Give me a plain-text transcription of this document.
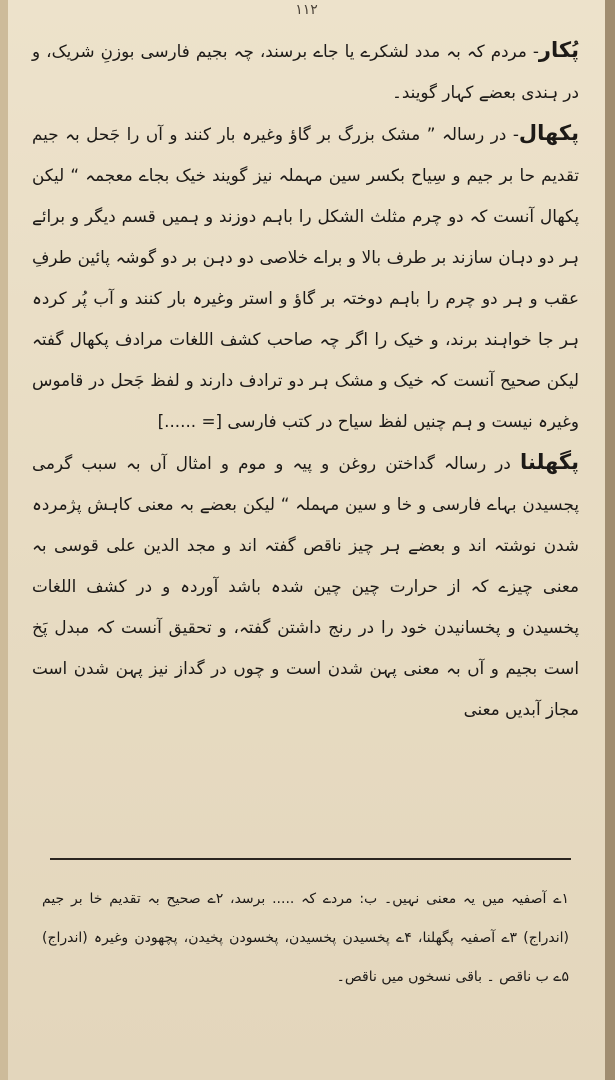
۱۱۲

پُکار- مردم کہ بہ مدد لشکرے یا جاے برسند، چہ بجیم فارسی بوزنِ شریک، و در ہندی بعضے کہار گویند۔

پکھال- در رسالہ ” مشک بزرگ بر گاؤ وغیرہ بار کنند و آں را جَحل بہ جیم تقدیم حا بر جیم و سِیاح بکسر سین مہملہ نیز گویند خیک بجاے معجمہ “ لیکن پکھال آنست کہ دو چرم مثلث الشکل را باہم دوزند و ہمیں قسم دیگر و برائے ہر دو دہان سازند بر طرف بالا و براے خلاصی دو دہن بر دو گوشہ پائین طرفِ عقب و ہر دو چرم را باہم دوختہ بر گاؤ و استر وغیرہ بار کنند و آب پُر کردہ ہر جا خواہند برند، و خیک را اگر چہ صاحب کشف اللغات مرادف پکھال گفتہ لیکن صحیح آنست کہ خیک و مشک ہر دو ترادف دارند و لفظ جَحل در قاموس وغیرہ نیست و ہم چنیں لفظ سیاح در کتب فارسی [= ......]

پگھلنا در رسالہ گداختن روغن و پیہ و موم و امثال آں بہ سبب گرمی پجسیدن بہاے فارسی و خا و سین مہملہ “ لیکن بعضے بہ معنی کاہش پژمردہ شدن نوشتہ اند و بعضے ہر چیز ناقص گفتہ اند و مجد الدین علی قوسی بہ معنی چیزے کہ از حرارت چین چین شدہ باشد آوردہ و در کشف اللغات پخسیدن و پخسانیدن خود را در رنج داشتن گفتہ، و تحقیق آنست کہ مبدل پَخ است بجیم و آں بہ معنی پہن شدن است و چوں در گداز نیز پہن شدن است مجاز آبدیں معنی

۱ے آصفیہ میں یہ معنی نہیں۔ ب: مردے کہ ..... برسد، ۲ے صحیح بہ تقدیم خا بر جیم (اندراج) ۳ے آصفیہ پگھلنا، ۴ے پخسیدن پخسیدن، پخسودن پخیدن، پچھودن وغیرہ (اندراج) ۵ے ب ناقص ۔ باقی نسخوں میں ناقص۔
